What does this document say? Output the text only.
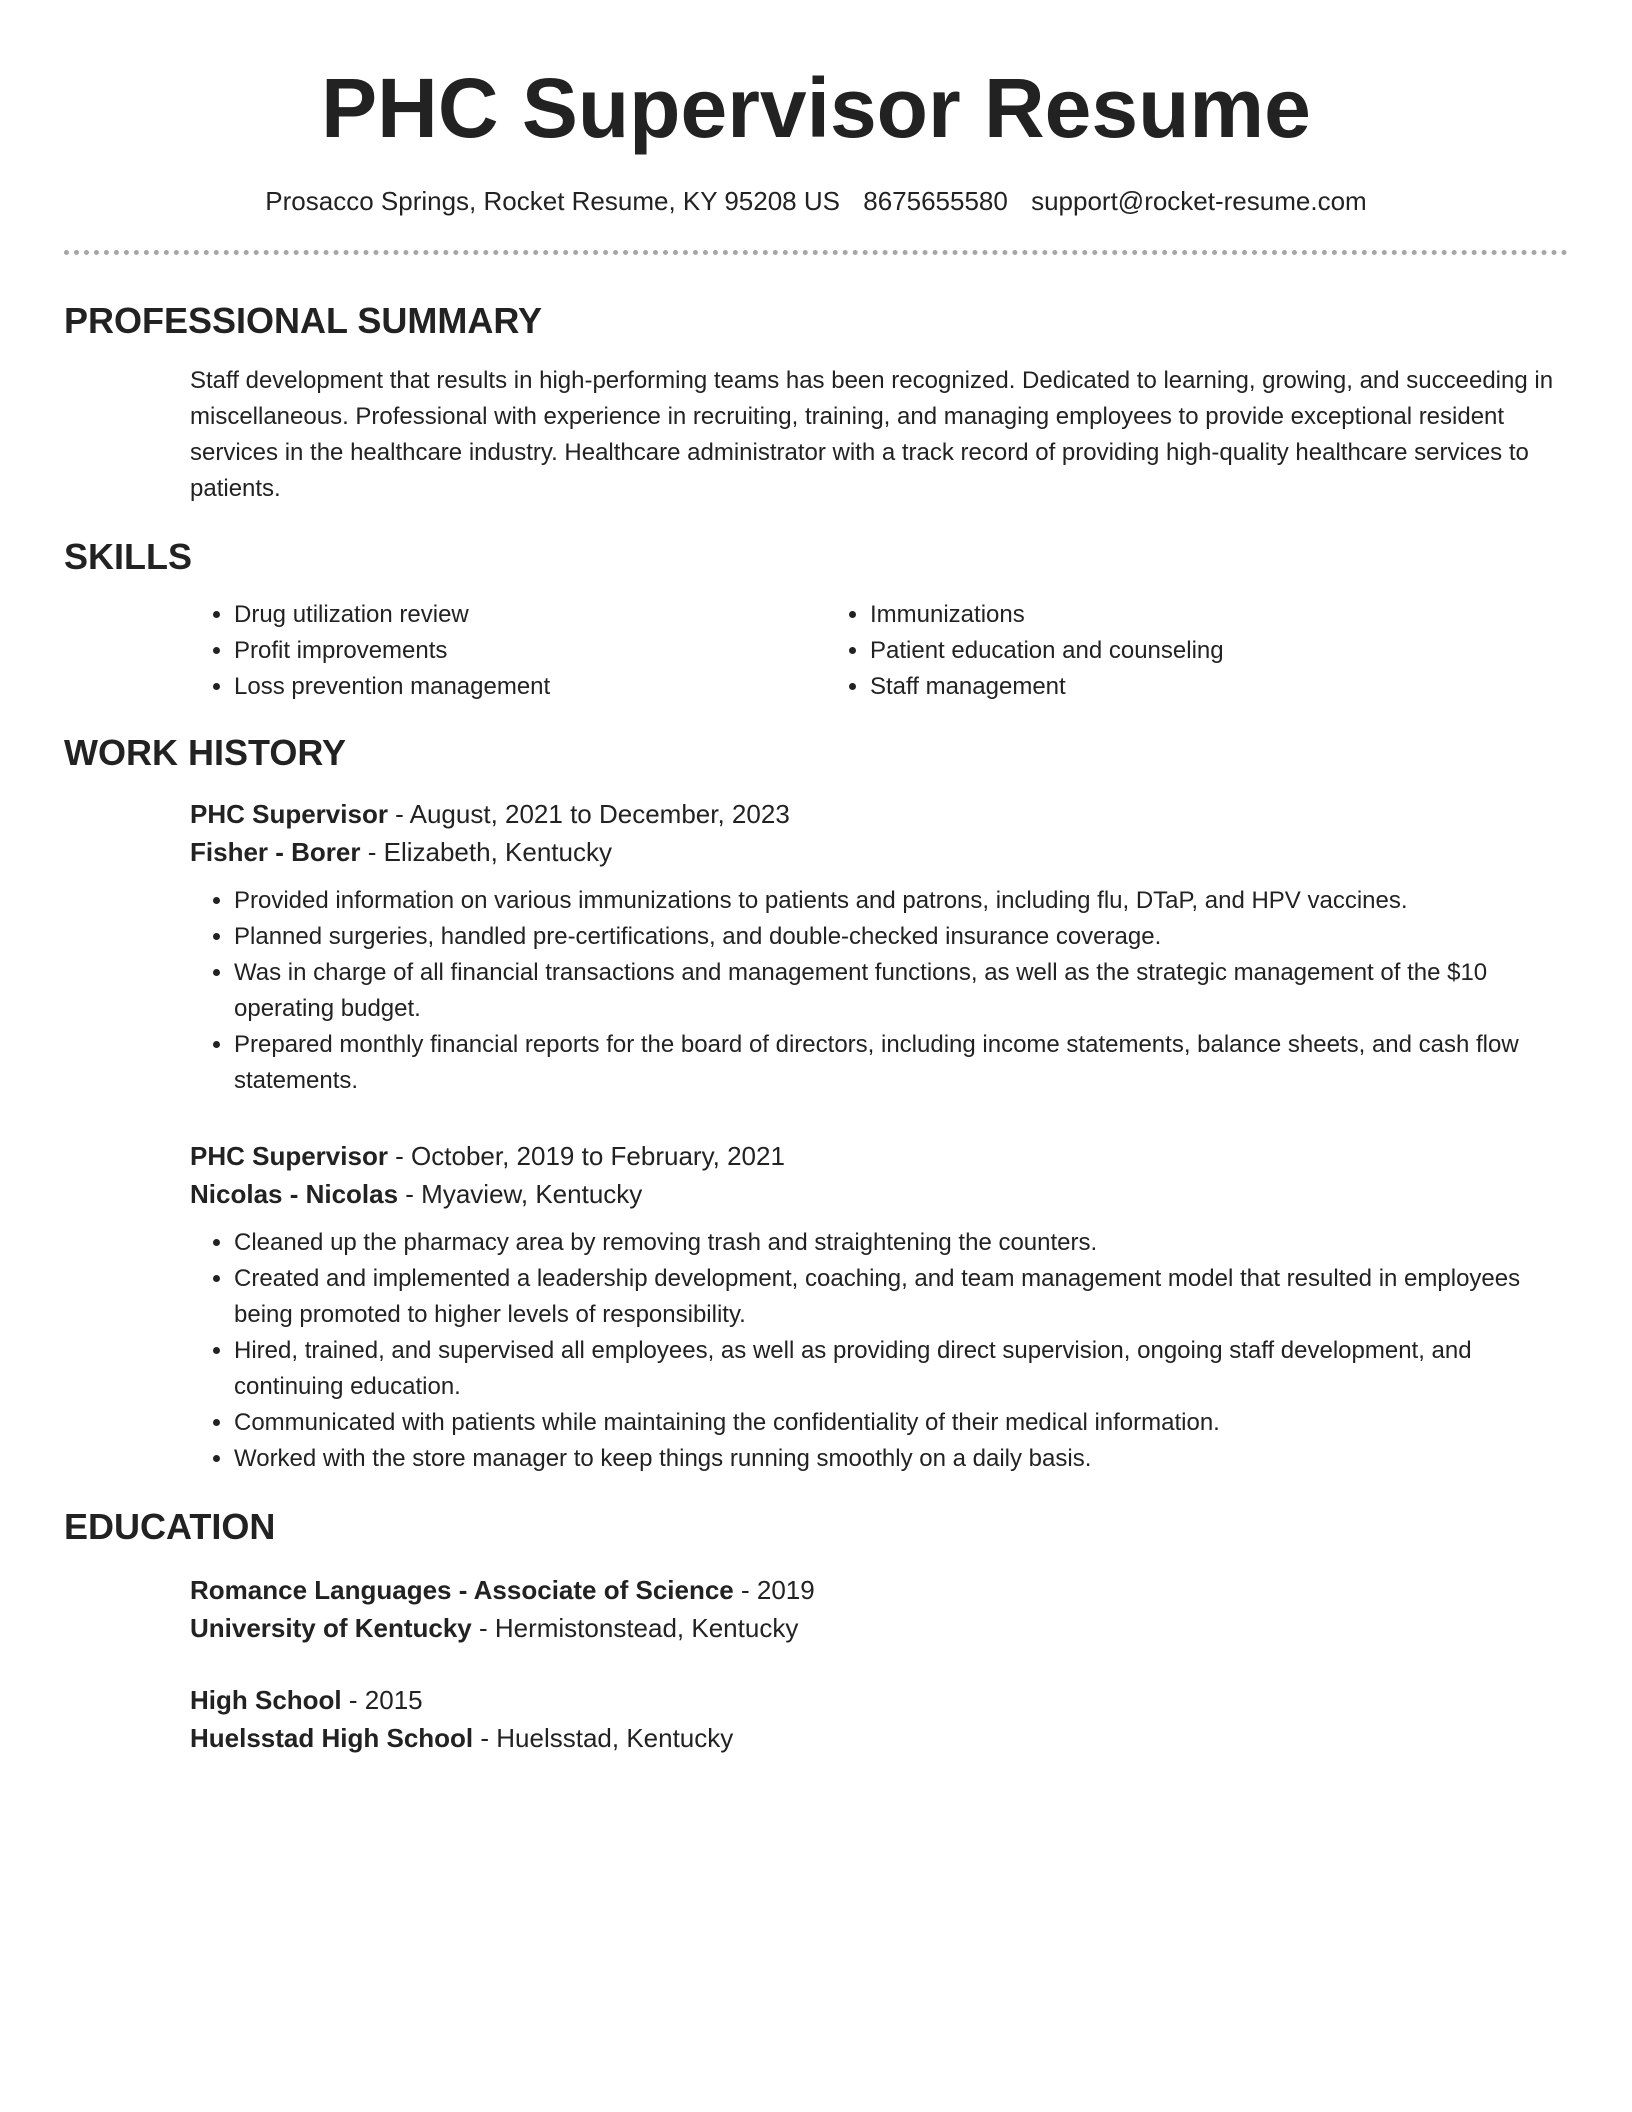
PHC Supervisor Resume
Prosacco Springs, Rocket Resume, KY 95208 US 8675655580 support@rocket-resume.com
PROFESSIONAL SUMMARY

Staff development that results in high-performing teams has been recognized. Dedicated to learning, growing, and succeeding in miscellaneous. Professional with experience in recruiting, training, and managing employees to provide exceptional resident services in the healthcare industry. Healthcare administrator with a track record of providing high-quality healthcare services to patients.

SKILLS
• Drug utilization review
• Profit improvements
• Loss prevention management
• Immunizations
• Patient education and counseling
• Staff management
WORK HISTORY
PHC Supervisor - August, 2021 to December, 2023
Fisher - Borer - Elizabeth, Kentucky
• Provided information on various immunizations to patients and patrons, including flu, DTaP, and HPV vaccines.
• Planned surgeries, handled pre-certifications, and double-checked insurance coverage.
• Was in charge of all financial transactions and management functions, as well as the strategic management of the $10 operating budget.
• Prepared monthly financial reports for the board of directors, including income statements, balance sheets, and cash flow statements.
PHC Supervisor - October, 2019 to February, 2021
Nicolas - Nicolas - Myaview, Kentucky
• Cleaned up the pharmacy area by removing trash and straightening the counters.
• Created and implemented a leadership development, coaching, and team management model that resulted in employees being promoted to higher levels of responsibility.
• Hired, trained, and supervised all employees, as well as providing direct supervision, ongoing staff development, and continuing education.
• Communicated with patients while maintaining the confidentiality of their medical information.
• Worked with the store manager to keep things running smoothly on a daily basis.
EDUCATION
Romance Languages - Associate of Science - 2019
University of Kentucky - Hermistonstead, Kentucky
High School - 2015
Huelsstad High School - Huelsstad, Kentucky
